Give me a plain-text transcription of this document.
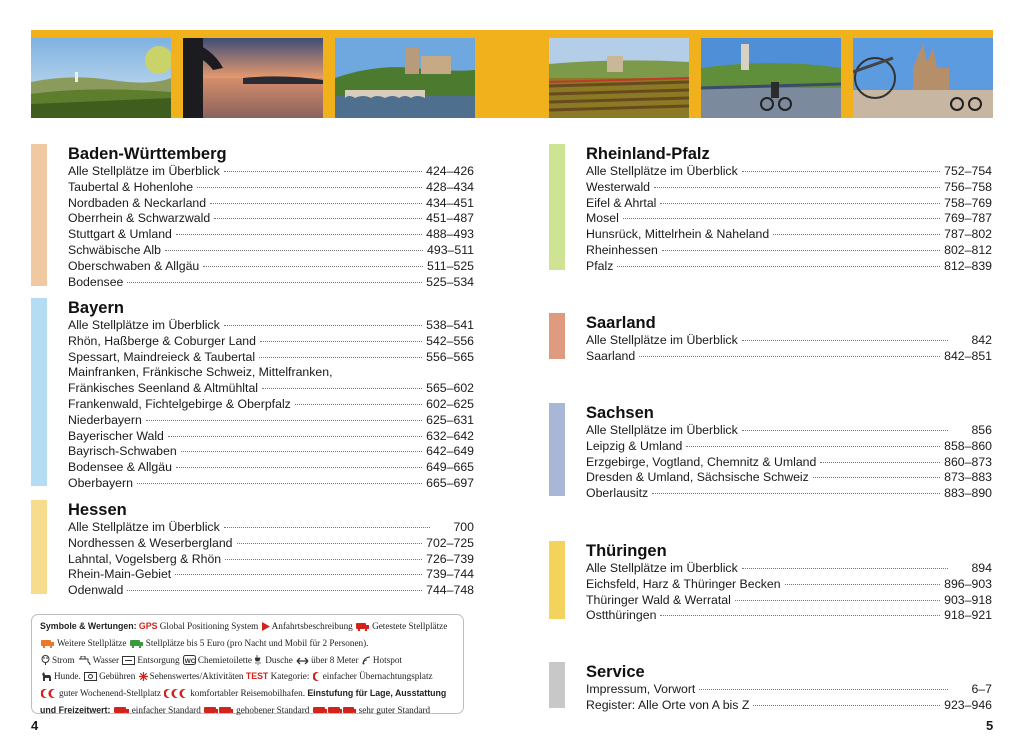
Baden-Württemberg
Alle Stellplätze im Überblick	424–426
Taubertal & Hohenlohe	428–434
Nordbaden & Neckarland	434–451
Oberrhein & Schwarzwald	451–487
Stuttgart & Umland	488–493
Schwäbische Alb	493–511
Oberschwaben & Allgäu	511–525
Bodensee	525–534
Bayern
Alle Stellplätze im Überblick	538–541
Rhön, Haßberge & Coburger Land	542–556
Spessart, Maindreieck & Taubertal	556–565
Mainfranken, Fränkische Schweiz, Mittelfranken,
Fränkisches Seenland & Altmühltal	565–602
Frankenwald, Fichtelgebirge & Oberpfalz	602–625
Niederbayern	625–631
Bayerischer Wald	632–642
Bayrisch-Schwaben	642–649
Bodensee & Allgäu	649–665
Oberbayern	665–697
Hessen
Alle Stellplätze im Überblick	700
Nordhessen & Weserbergland	702–725
Lahntal, Vogelsberg & Rhön	726–739
Rhein-Main-Gebiet	739–744
Odenwald	744–748
Rheinland-Pfalz
Alle Stellplätze im Überblick	752–754
Westerwald	756–758
Eifel & Ahrtal	758–769
Mosel	769–787
Hunsrück, Mittelrhein & Naheland	787–802
Rheinhessen	802–812
Pfalz	812–839
Saarland
Alle Stellplätze im Überblick	842
Saarland	842–851
Sachsen
Alle Stellplätze im Überblick	856
Leipzig & Umland	858–860
Erzgebirge, Vogtland, Chemnitz & Umland	860–873
Dresden & Umland, Sächsische Schweiz	873–883
Oberlausitz	883–890
Thüringen
Alle Stellplätze im Überblick	894
Eichsfeld, Harz & Thüringer Becken	896–903
Thüringer Wald & Werratal	903–918
Ostthüringen	918–921
Service
Impressum, Vorwort	6–7
Register: Alle Orte von A bis Z	923–946
Symbole & Wertungen: GPS Global Positioning System Anfahrtsbeschreibung Getestete Stellplätze
Weitere Stellplätze Stellplätze bis 5 Euro (pro Nacht und Mobil für 2 Personen).
Strom Wasser Entsorgung WC Chemietoilette Dusche über 8 Meter Hotspot
Hunde. Gebühren Sehenswertes/Aktivitäten TEST Kategorie: einfacher Übernachtungsplatz
guter Wochenend-Stellplatz	komfortabler Reisemobilhafen. Einstufung für Lage, Ausstattung
und Freizeitwert: einfacher Standard	gehobener Standard	sehr guter Standard
4	5
